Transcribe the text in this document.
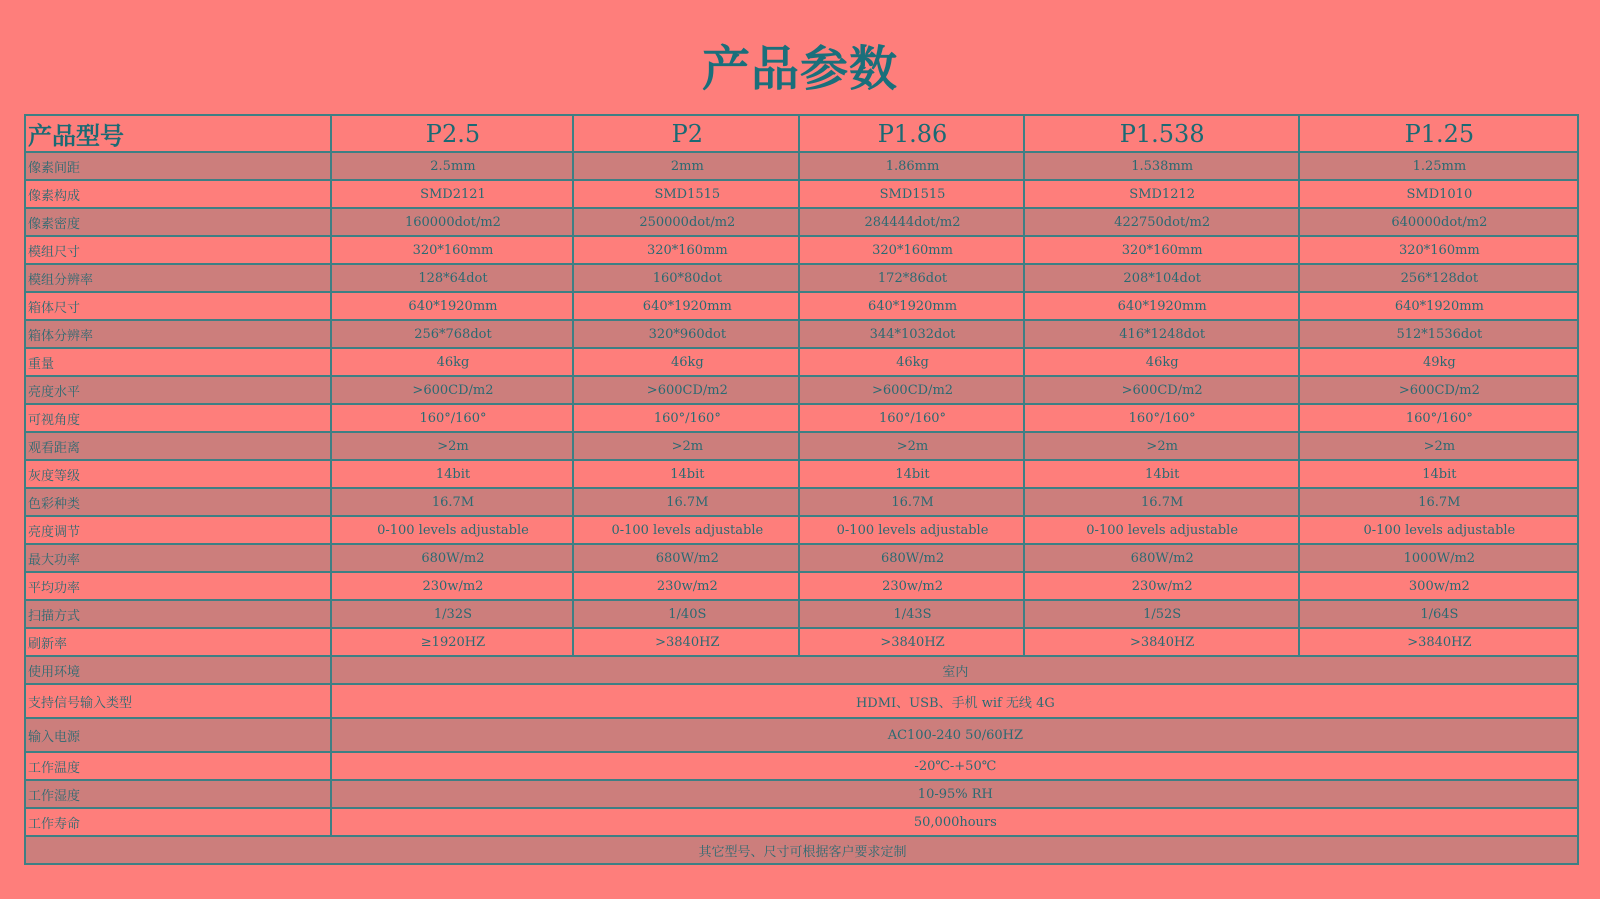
产品参数
产品型号	P2.5	P2	P1.86	P1.538	P1.25
像素间距	2.5mm	2mm	1.86mm	1.538mm	1.25mm
像素构成	SMD2121	SMD1515	SMD1515	SMD1212	SMD1010
像素密度	160000dot/m2	250000dot/m2	284444dot/m2	422750dot/m2	640000dot/m2
模组尺寸	320*160mm	320*160mm	320*160mm	320*160mm	320*160mm
模组分辨率	128*64dot	160*80dot	172*86dot	208*104dot	256*128dot
箱体尺寸	640*1920mm	640*1920mm	640*1920mm	640*1920mm	640*1920mm
箱体分辨率	256*768dot	320*960dot	344*1032dot	416*1248dot	512*1536dot
重量	46kg	46kg	46kg	46kg	49kg
亮度水平	>600CD/m2	>600CD/m2	>600CD/m2	>600CD/m2	>600CD/m2
可视角度	160°/160°	160°/160°	160°/160°	160°/160°	160°/160°
观看距离	>2m	>2m	>2m	>2m	>2m
灰度等级	14bit	14bit	14bit	14bit	14bit
色彩种类	16.7M	16.7M	16.7M	16.7M	16.7M
亮度调节	0-100 levels adjustable	0-100 levels adjustable	0-100 levels adjustable	0-100 levels adjustable	0-100 levels adjustable
最大功率	680W/m2	680W/m2	680W/m2	680W/m2	1000W/m2
平均功率	230w/m2	230w/m2	230w/m2	230w/m2	300w/m2
扫描方式	1/32S	1/40S	1/43S	1/52S	1/64S
刷新率	≥1920HZ	>3840HZ	>3840HZ	>3840HZ	>3840HZ
使用环境	室内				
支持信号输入类型	HDMI、USB、手机 wif 无线 4G				
输入电源	AC100-240 50/60HZ				
工作温度	-20℃-+50℃				
工作湿度	10-95% RH				
工作寿命	50,000hours				
其它型号、尺寸可根据客户要求定制					
